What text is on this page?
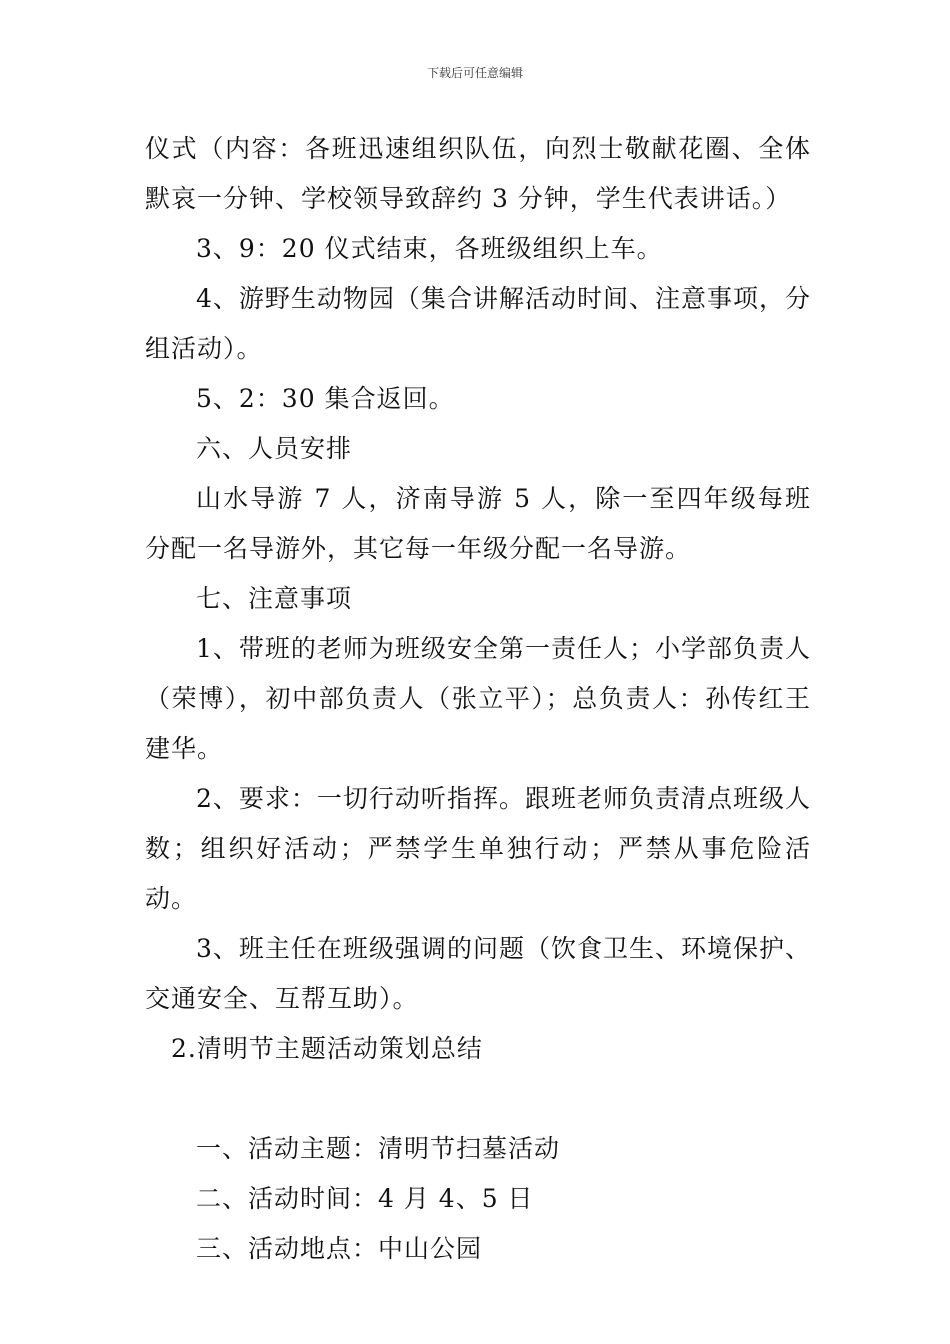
下载后可任意编辑

仪式（内容：各班迅速组织队伍，向烈士敬献花圈、全体默哀一分钟、学校领导致辞约 3 分钟，学生代表讲话。）

3、9：20 仪式结束，各班级组织上车。

4、游野生动物园（集合讲解活动时间、注意事项，分组活动）。

5、2：30 集合返回。

六、人员安排

山水导游 7 人，济南导游 5 人，除一至四年级每班分配一名导游外，其它每一年级分配一名导游。

七、注意事项

1、带班的老师为班级安全第一责任人；小学部负责人（荣博），初中部负责人（张立平）；总负责人：孙传红王建华。

2、要求：一切行动听指挥。跟班老师负责清点班级人数；组织好活动；严禁学生单独行动；严禁从事危险活动。

3、班主任在班级强调的问题（饮食卫生、环境保护、交通安全、互帮互助）。

2.清明节主题活动策划总结

一、活动主题：清明节扫墓活动

二、活动时间：4 月 4、5 日

三、活动地点：中山公园
